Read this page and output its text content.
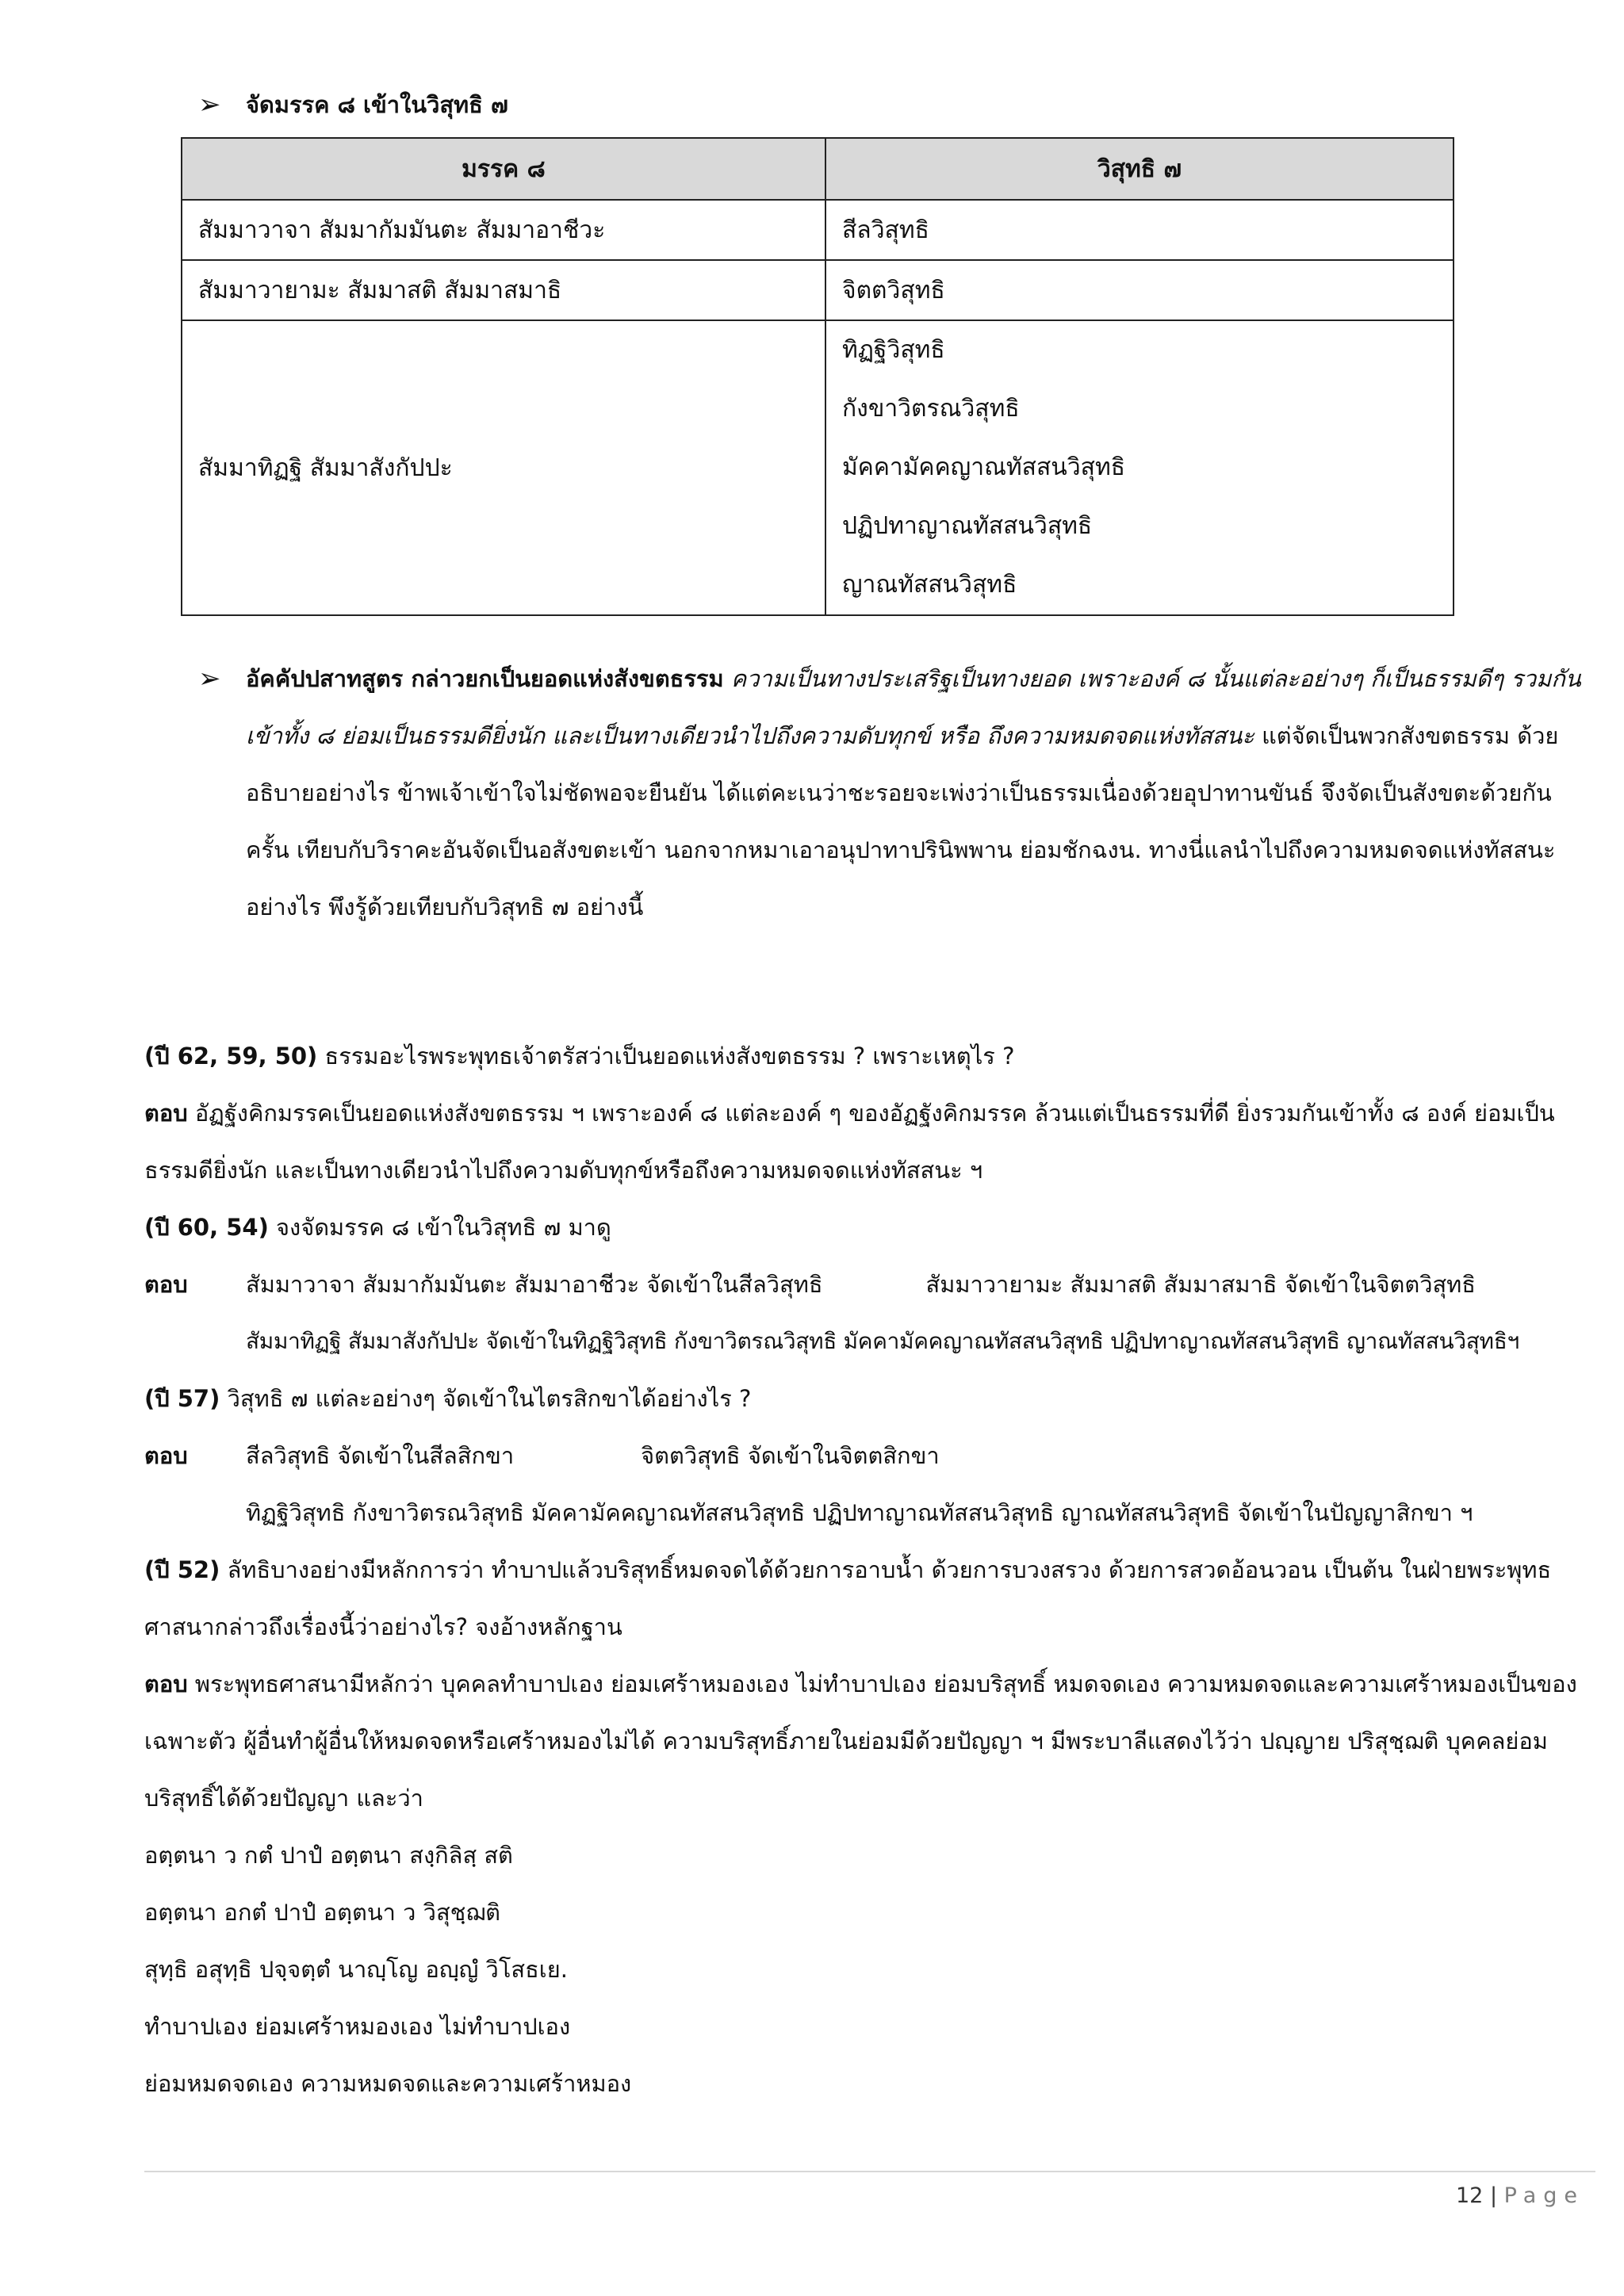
➢	จัดมรรค ๘ เข้าในวิสุทธิ ๗
มรรค ๘	วิสุทธิ ๗
สัมมาวาจา สัมมากัมมันตะ สัมมาอาชีวะ	สีลวิสุทธิ
สัมมาวายามะ สัมมาสติ สัมมาสมาธิ	จิตตวิสุทธิ
สัมมาทิฏฐิ สัมมาสังกัปปะ	ทิฏฐิวิสุทธิ
กังขาวิตรณวิสุทธิ
มัคคามัคคญาณทัสสนวิสุทธิ
ปฏิปทาญาณทัสสนวิสุทธิ
ญาณทัสสนวิสุทธิ
➢	อัคคัปปสาทสูตร กล่าวยกเป็นยอดแห่งสังขตธรรม ความเป็นทางประเสริฐเป็นทางยอด เพราะองค์ ๘ นั้นแต่ละอย่างๆ ก็เป็นธรรมดีๆ รวมกันเข้าทั้ง ๘ ย่อมเป็นธรรมดียิ่งนัก และเป็นทางเดียวนำไปถึงความดับทุกข์ หรือ ถึงความหมดจดแห่งทัสสนะ แต่จัดเป็นพวกสังขตธรรม ด้วยอธิบายอย่างไร ข้าพเจ้าเข้าใจไม่ชัดพอจะยืนยัน ได้แต่คะเนว่าชะรอยจะเพ่งว่าเป็นธรรมเนื่องด้วยอุปาทานขันธ์ จึงจัดเป็นสังขตะด้วยกัน ครั้น เทียบกับวิราคะอันจัดเป็นอสังขตะเข้า นอกจากหมาเอาอนุปาทาปรินิพพาน ย่อมชักฉงน. ทางนี่แลนำไปถึงความหมดจดแห่งทัสสนะอย่างไร พึงรู้ด้วยเทียบกับวิสุทธิ ๗ อย่างนี้
(ปี 62, 59, 50) ธรรมอะไรพระพุทธเจ้าตรัสว่าเป็นยอดแห่งสังขตธรรม ? เพราะเหตุไร ?
ตอบ อัฏฐังคิกมรรคเป็นยอดแห่งสังขตธรรม ฯ เพราะองค์ ๘ แต่ละองค์ ๆ ของอัฏฐังคิกมรรค ล้วนแต่เป็นธรรมที่ดี ยิ่งรวมกันเข้าทั้ง ๘ องค์ ย่อมเป็นธรรมดียิ่งนัก และเป็นทางเดียวนำไปถึงความดับทุกข์หรือถึงความหมดจดแห่งทัสสนะ ฯ
(ปี 60, 54) จงจัดมรรค ๘ เข้าในวิสุทธิ ๗ มาดู
ตอบ	สัมมาวาจา สัมมากัมมันตะ สัมมาอาชีวะ จัดเข้าในสีลวิสุทธิ	สัมมาวายามะ สัมมาสติ สัมมาสมาธิ จัดเข้าในจิตตวิสุทธิ
สัมมาทิฏฐิ สัมมาสังกัปปะ จัดเข้าในทิฏฐิวิสุทธิ กังขาวิตรณวิสุทธิ มัคคามัคคญาณทัสสนวิสุทธิ ปฏิปทาญาณทัสสนวิสุทธิ ญาณทัสสนวิสุทธิฯ
(ปี 57) วิสุทธิ ๗ แต่ละอย่างๆ จัดเข้าในไตรสิกขาได้อย่างไร ?
ตอบ	สีลวิสุทธิ จัดเข้าในสีลสิกขา	จิตตวิสุทธิ จัดเข้าในจิตตสิกขา
ทิฏฐิวิสุทธิ กังขาวิตรณวิสุทธิ มัคคามัคคญาณทัสสนวิสุทธิ ปฏิปทาญาณทัสสนวิสุทธิ ญาณทัสสนวิสุทธิ จัดเข้าในปัญญาสิกขา ฯ
(ปี 52) ลัทธิบางอย่างมีหลักการว่า ทำบาปแล้วบริสุทธิ์หมดจดได้ด้วยการอาบน้ำ ด้วยการบวงสรวง ด้วยการสวดอ้อนวอน เป็นต้น ในฝ่ายพระพุทธศาสนากล่าวถึงเรื่องนี้ว่าอย่างไร? จงอ้างหลักฐาน
ตอบ พระพุทธศาสนามีหลักว่า บุคคลทำบาปเอง ย่อมเศร้าหมองเอง ไม่ทำบาปเอง ย่อมบริสุทธิ์ หมดจดเอง ความหมดจดและความเศร้าหมองเป็นของเฉพาะตัว ผู้อื่นทำผู้อื่นให้หมดจดหรือเศร้าหมองไม่ได้ ความบริสุทธิ์ภายในย่อมมีด้วยปัญญา ฯ มีพระบาลีแสดงไว้ว่า ปญฺญาย ปริสุชฺฌติ บุคคลย่อมบริสุทธิ์ได้ด้วยปัญญา และว่า
อตฺตนา ว กตํ ปาปํ อตฺตนา สงฺกิลิสฺ สติ
อตฺตนา อกตํ ปาปํ อตฺตนา ว วิสุชฺฌติ
สุทฺธิ อสุทฺธิ ปจฺจตฺตํ นาญฺโญ อญฺญํ วิโสธเย.
ทำบาปเอง ย่อมเศร้าหมองเอง ไม่ทำบาปเอง
ย่อมหมดจดเอง ความหมดจดและความเศร้าหมอง
12 | Page
